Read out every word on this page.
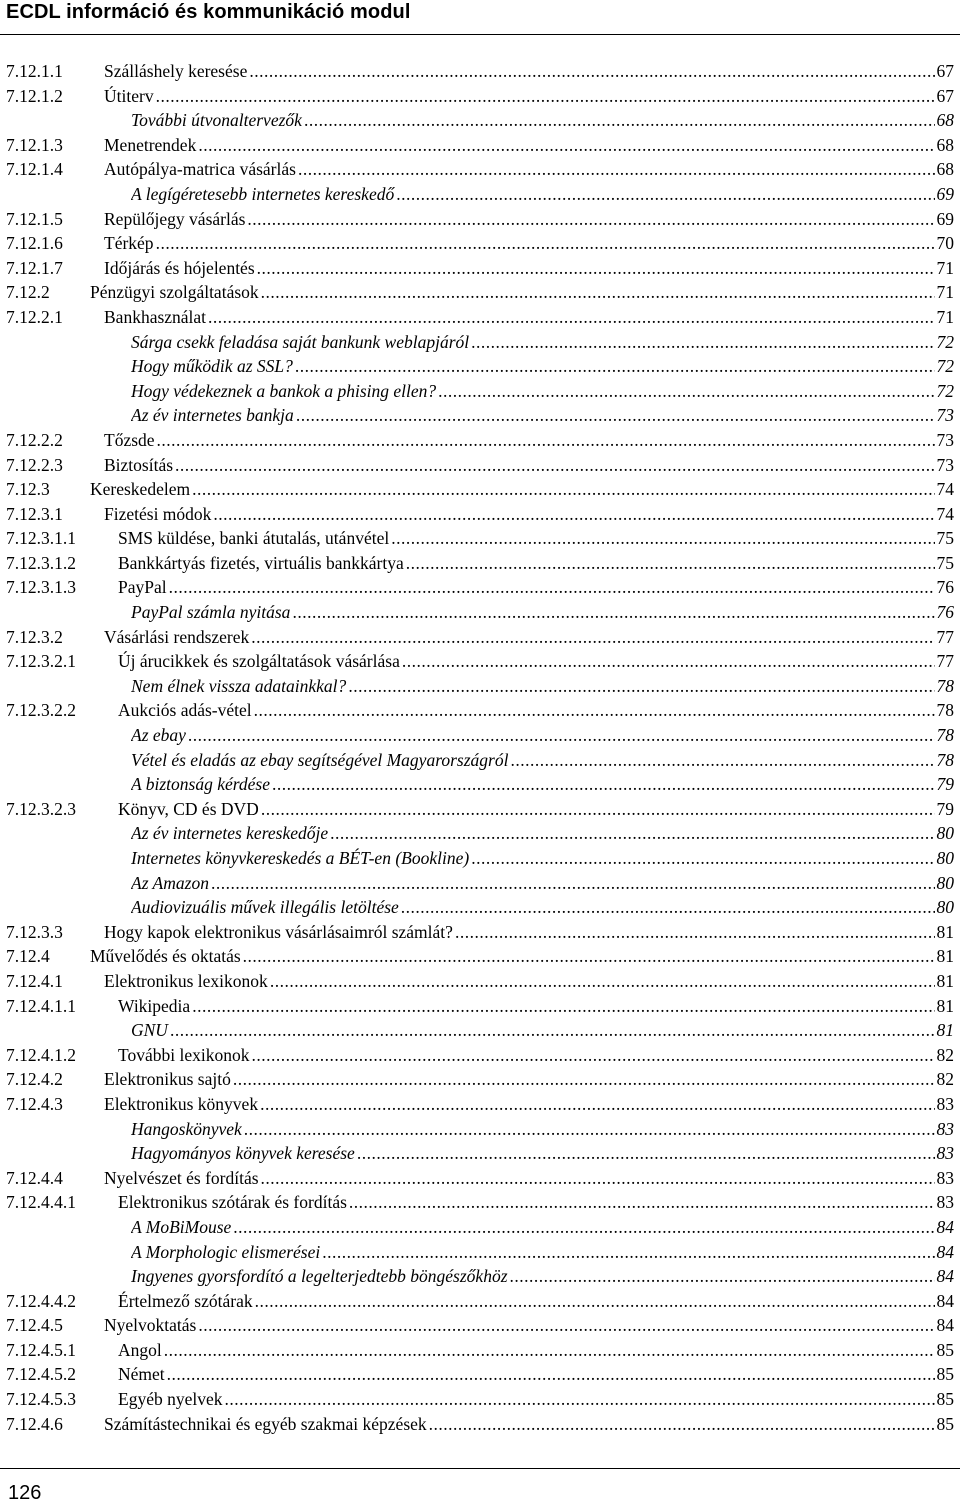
ECDL információ és kommunikáció modul
7.12.1.1 Szálláshely keresése .....	67
7.12.1.2 Útiterv .....	67
További útvonaltervezők .....	68
7.12.1.3 Menetrendek .....	68
7.12.1.4 Autópálya-matrica vásárlás .....	68
A legígéretesebb internetes kereskedő .....	69
7.12.1.5 Repülőjegy vásárlás .....	69
7.12.1.6 Térkép .....	70
7.12.1.7 Időjárás és hójelentés .....	71
7.12.2 Pénzügyi szolgáltatások .....	71
7.12.2.1 Bankhasználat .....	71
Sárga csekk feladása saját bankunk weblapjáról .....	72
Hogy működik az SSL? .....	72
Hogy védekeznek a bankok a phising ellen? .....	72
Az év internetes bankja .....	73
7.12.2.2 Tőzsde .....	73
7.12.2.3 Biztosítás .....	73
7.12.3 Kereskedelem .....	74
7.12.3.1 Fizetési módok .....	74
7.12.3.1.1 SMS küldése, banki átutalás, utánvétel .....	75
7.12.3.1.2 Bankkártyás fizetés, virtuális bankkártya .....	75
7.12.3.1.3 PayPal .....	76
PayPal számla nyitása .....	76
7.12.3.2 Vásárlási rendszerek .....	77
7.12.3.2.1 Új árucikkek és szolgáltatások vásárlása .....	77
Nem élnek vissza adatainkkal? .....	78
7.12.3.2.2 Aukciós adás-vétel .....	78
Az ebay .....	78
Vétel és eladás az ebay segítségével Magyarországról .....	78
A biztonság kérdése .....	79
7.12.3.2.3 Könyv, CD és DVD .....	79
Az év internetes kereskedője .....	80
Internetes könyvkereskedés a BÉT-en (Bookline) .....	80
Az Amazon .....	80
Audiovizuális művek illegális letöltése .....	80
7.12.3.3 Hogy kapok elektronikus vásárlásaimról számlát? .....	81
7.12.4 Művelődés és oktatás .....	81
7.12.4.1 Elektronikus lexikonok .....	81
7.12.4.1.1 Wikipedia .....	81
GNU .....	81
7.12.4.1.2 További lexikonok .....	82
7.12.4.2 Elektronikus sajtó .....	82
7.12.4.3 Elektronikus könyvek .....	83
Hangoskönyvek .....	83
Hagyományos könyvek keresése .....	83
7.12.4.4 Nyelvészet és fordítás .....	83
7.12.4.4.1 Elektronikus szótárak és fordítás .....	83
A MoBiMouse .....	84
A Morphologic elismerései .....	84
Ingyenes gyorsfordító a legelterjedtebb böngészőkhöz .....	84
7.12.4.4.2 Értelmező szótárak .....	84
7.12.4.5 Nyelvoktatás .....	84
7.12.4.5.1 Angol .....	85
7.12.4.5.2 Német .....	85
7.12.4.5.3 Egyéb nyelvek .....	85
7.12.4.6 Számítástechnikai és egyéb szakmai képzések .....	85
126
